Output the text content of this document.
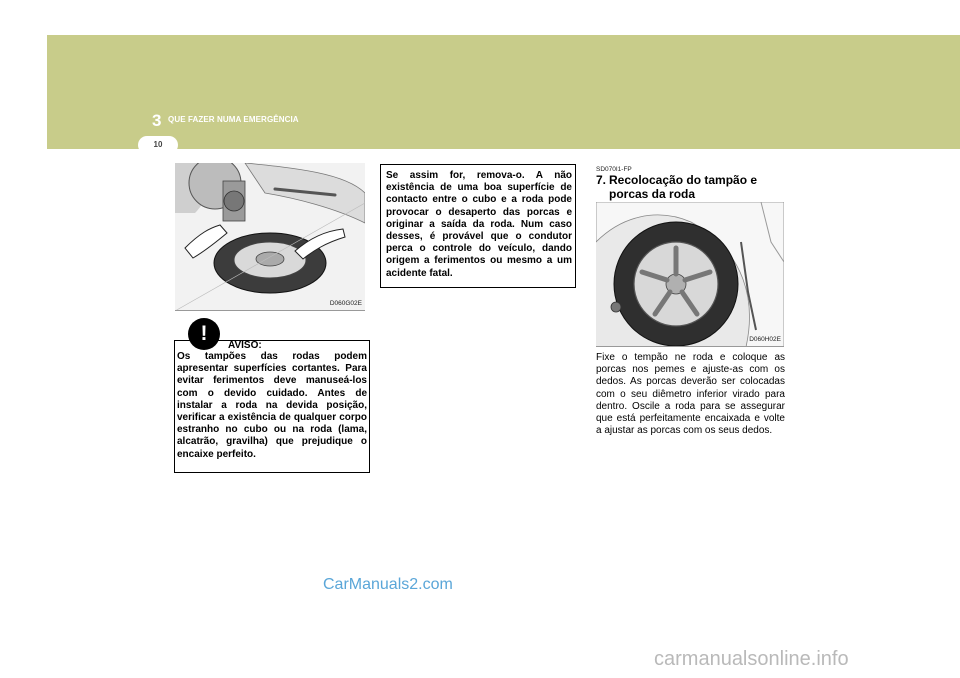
3 QUE FAZER NUMA EMERGÊNCIA
10
D060G02E

Os tampões das rodas podem apresentar superfícies cortantes. Para evitar ferimentos deve manuseá-los com o devido cuidado. Antes de instalar a roda na devida posição, verificar a existência de qualquer corpo estranho no cubo ou na roda (lama, alcatrão, gravilha) que prejudique o encaixe perfeito.

!
AVISO:

Se assim for, remova-o. A não existência de uma boa superfície de contacto entre o cubo e a roda pode provocar o desaperto das porcas e originar a saída da roda. Num caso desses, é provável que o condutor perca o controle do veículo, dando origem a ferimentos ou mesmo a um acidente fatal.

SD070I1-FP
7. Recolocação do tampão e
porcas da roda
D060H02E

Fixe o tempão ne roda e coloque as porcas nos pemes e ajuste-as com os dedos. As porcas deverão ser colocadas com o seu diêmetro inferior virado para dentro. Oscile a roda para se assegurar que está perfeitamente encaixada e volte a ajustar as porcas com os seus dedos.

CarManuals2.com
carmanualsonline.info
